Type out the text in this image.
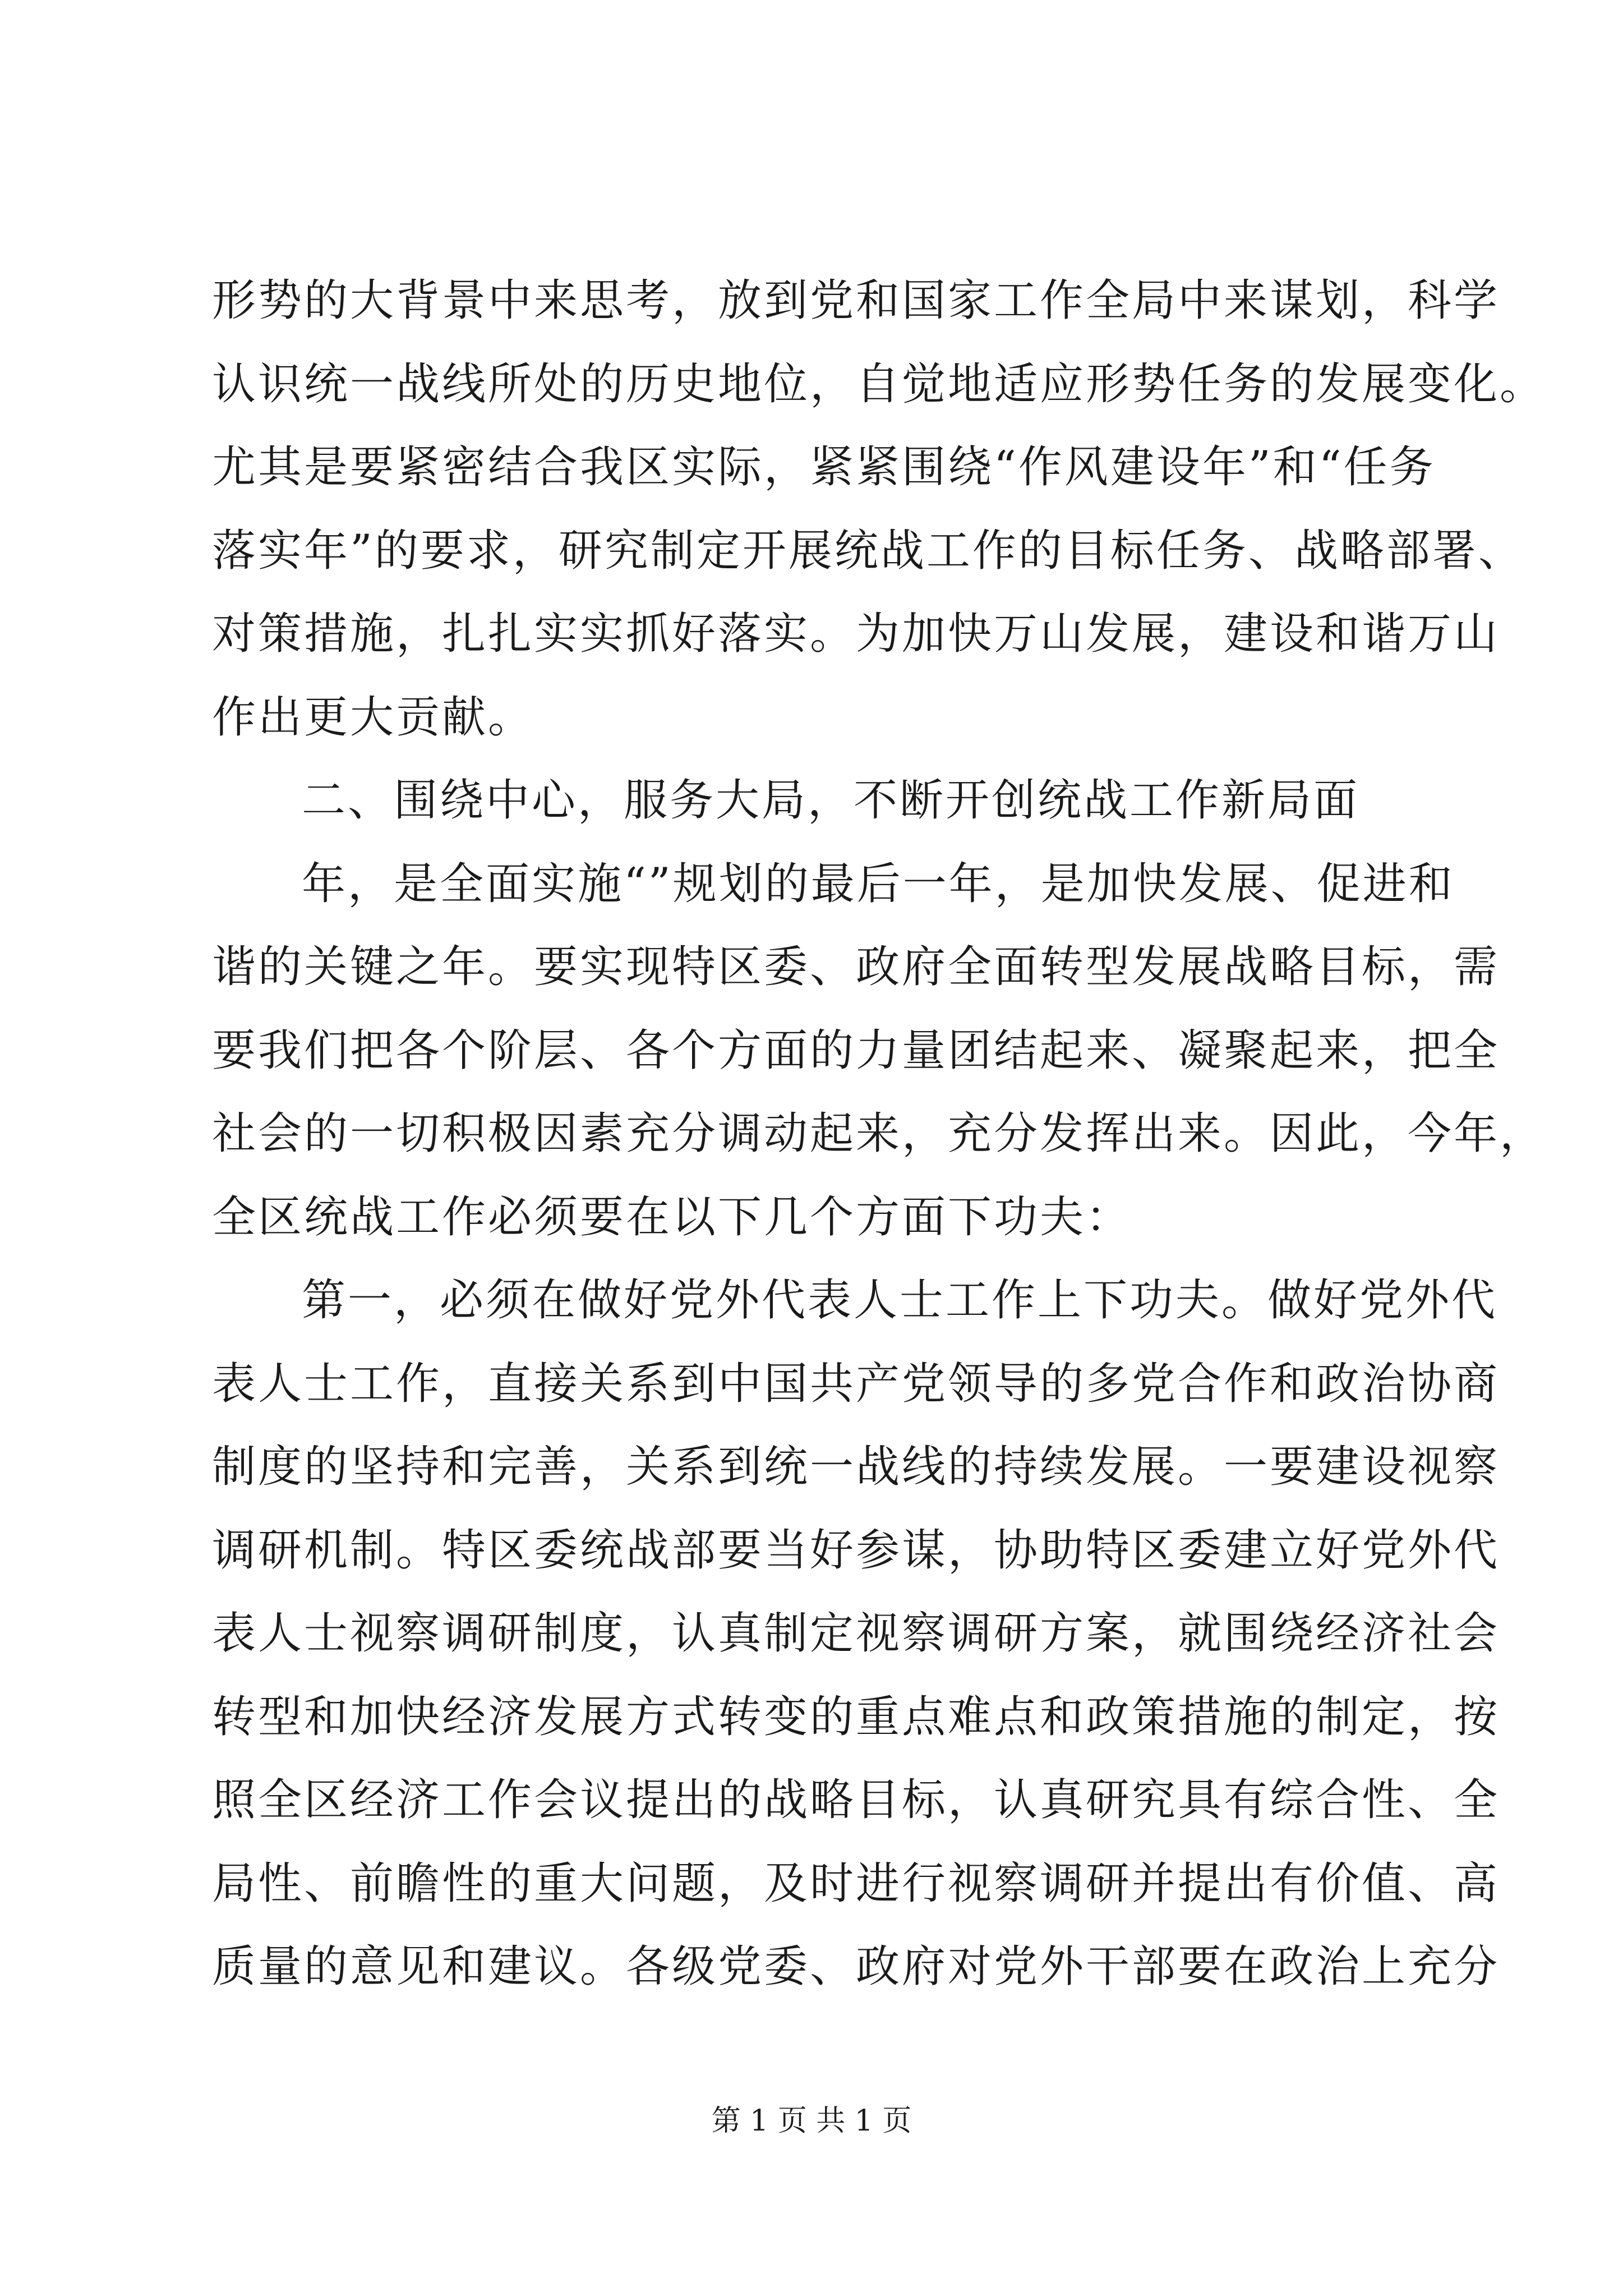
形势的大背景中来思考，放到党和国家工作全局中来谋划，科学
认识统一战线所处的历史地位，自觉地适应形势任务的发展变化。
尤其是要紧密结合我区实际，紧紧围绕“作风建设年”和“任务
落实年”的要求，研究制定开展统战工作的目标任务、战略部署、
对策措施，扎扎实实抓好落实。为加快万山发展，建设和谐万山
作出更大贡献。
二、围绕中心，服务大局，不断开创统战工作新局面
年，是全面实施“”规划的最后一年，是加快发展、促进和
谐的关键之年。要实现特区委、政府全面转型发展战略目标，需
要我们把各个阶层、各个方面的力量团结起来、凝聚起来，把全
社会的一切积极因素充分调动起来，充分发挥出来。因此，今年，
全区统战工作必须要在以下几个方面下功夫：
第一，必须在做好党外代表人士工作上下功夫。做好党外代
表人士工作，直接关系到中国共产党领导的多党合作和政治协商
制度的坚持和完善，关系到统一战线的持续发展。一要建设视察
调研机制。特区委统战部要当好参谋，协助特区委建立好党外代
表人士视察调研制度，认真制定视察调研方案，就围绕经济社会
转型和加快经济发展方式转变的重点难点和政策措施的制定，按
照全区经济工作会议提出的战略目标，认真研究具有综合性、全
局性、前瞻性的重大问题，及时进行视察调研并提出有价值、高
质量的意见和建议。各级党委、政府对党外干部要在政治上充分
第 1 页 共 1 页
